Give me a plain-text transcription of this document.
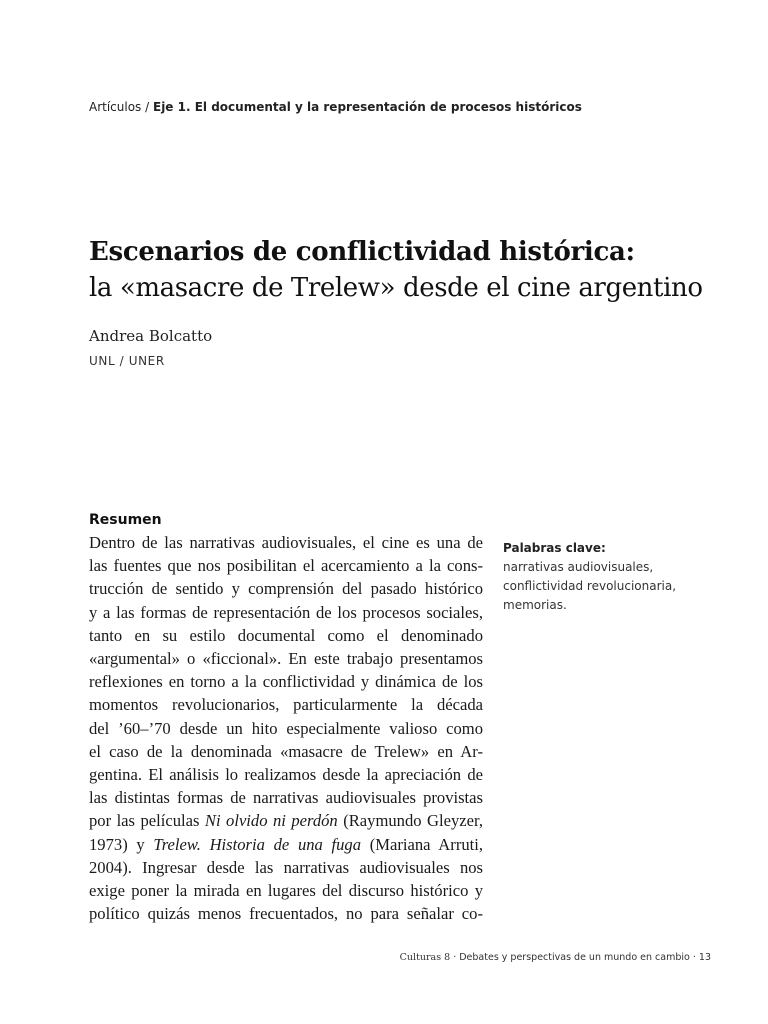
Artículos / Eje 1. El documental y la representación de procesos históricos
Escenarios de conflictividad histórica:
la «masacre de Trelew» desde el cine argentino
Andrea Bolcatto
UNL / UNER
Resumen
Dentro de las narrativas audiovisuales, el cine es una de
las fuentes que nos posibilitan el acercamiento a la cons-
trucción de sentido y comprensión del pasado histórico
y a las formas de representación de los procesos sociales,
tanto en su estilo documental como el denominado
«argumental» o «ficcional». En este trabajo presentamos
reflexiones en torno a la conflictividad y dinámica de los
momentos revolucionarios, particularmente la década
del ’60–’70 desde un hito especialmente valioso como
el caso de la denominada «masacre de Trelew» en Ar-
gentina. El análisis lo realizamos desde la apreciación de
las distintas formas de narrativas audiovisuales provistas
por las películas Ni olvido ni perdón (Raymundo Gleyzer,
1973) y Trelew. Historia de una fuga (Mariana Arruti,
2004). Ingresar desde las narrativas audiovisuales nos
exige poner la mirada en lugares del discurso histórico y
político quizás menos frecuentados, no para señalar co-
Palabras clave:
narrativas audiovisuales,
conflictividad revolucionaria,
memorias.
Culturas 8 · Debates y perspectivas de un mundo en cambio · 13
